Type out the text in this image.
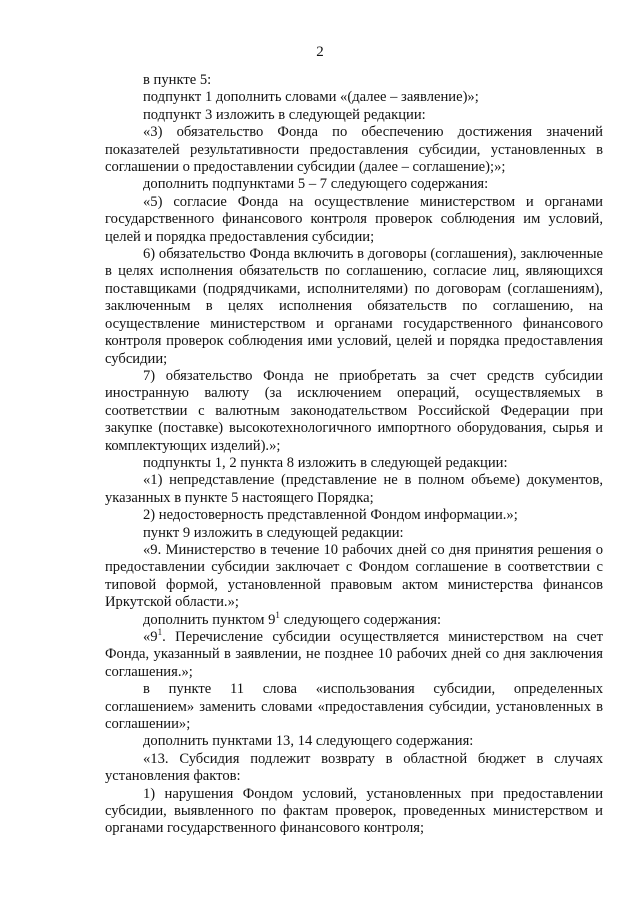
2

в пункте 5:

подпункт 1 дополнить словами «(далее – заявление)»;

подпункт 3 изложить в следующей редакции:

«3) обязательство Фонда по обеспечению достижения значений показателей результативности предоставления субсидии, установленных в соглашении о предоставлении субсидии (далее – соглашение);»;

дополнить подпунктами 5 – 7 следующего содержания:

«5) согласие Фонда на осуществление министерством и органами государственного финансового контроля проверок соблюдения им условий, целей и порядка предоставления субсидии;

6) обязательство Фонда включить в договоры (соглашения), заключенные в целях исполнения обязательств по соглашению, согласие лиц, являющихся поставщиками (подрядчиками, исполнителями) по договорам (соглашениям), заключенным в целях исполнения обязательств по соглашению, на осуществление министерством и органами государственного финансового контроля проверок соблюдения ими условий, целей и порядка предоставления субсидии;

7) обязательство Фонда не приобретать за счет средств субсидии иностранную валюту (за исключением операций, осуществляемых в соответствии с валютным законодательством Российской Федерации при закупке (поставке) высокотехнологичного импортного оборудования, сырья и комплектующих изделий).»;

подпункты 1, 2 пункта 8 изложить в следующей редакции:

«1) непредставление (представление не в полном объеме) документов, указанных в пункте 5 настоящего Порядка;

2) недостоверность представленной Фондом информации.»;

пункт 9 изложить в следующей редакции:

«9. Министерство в течение 10 рабочих дней со дня принятия решения о предоставлении субсидии заключает с Фондом соглашение в соответствии с типовой формой, установленной правовым актом министерства финансов Иркутской области.»;

дополнить пунктом $9^1$ следующего содержания:

«$9^1$. Перечисление субсидии осуществляется министерством на счет Фонда, указанный в заявлении, не позднее 10 рабочих дней со дня заключения соглашения.»;

в пункте 11 слова «использования субсидии, определенных соглашением» заменить словами «предоставления субсидии, установленных в соглашении»;

дополнить пунктами 13, 14 следующего содержания:

«13. Субсидия подлежит возврату в областной бюджет в случаях установления фактов:

1) нарушения Фондом условий, установленных при предоставлении субсидии, выявленного по фактам проверок, проведенных министерством и органами государственного финансового контроля;
